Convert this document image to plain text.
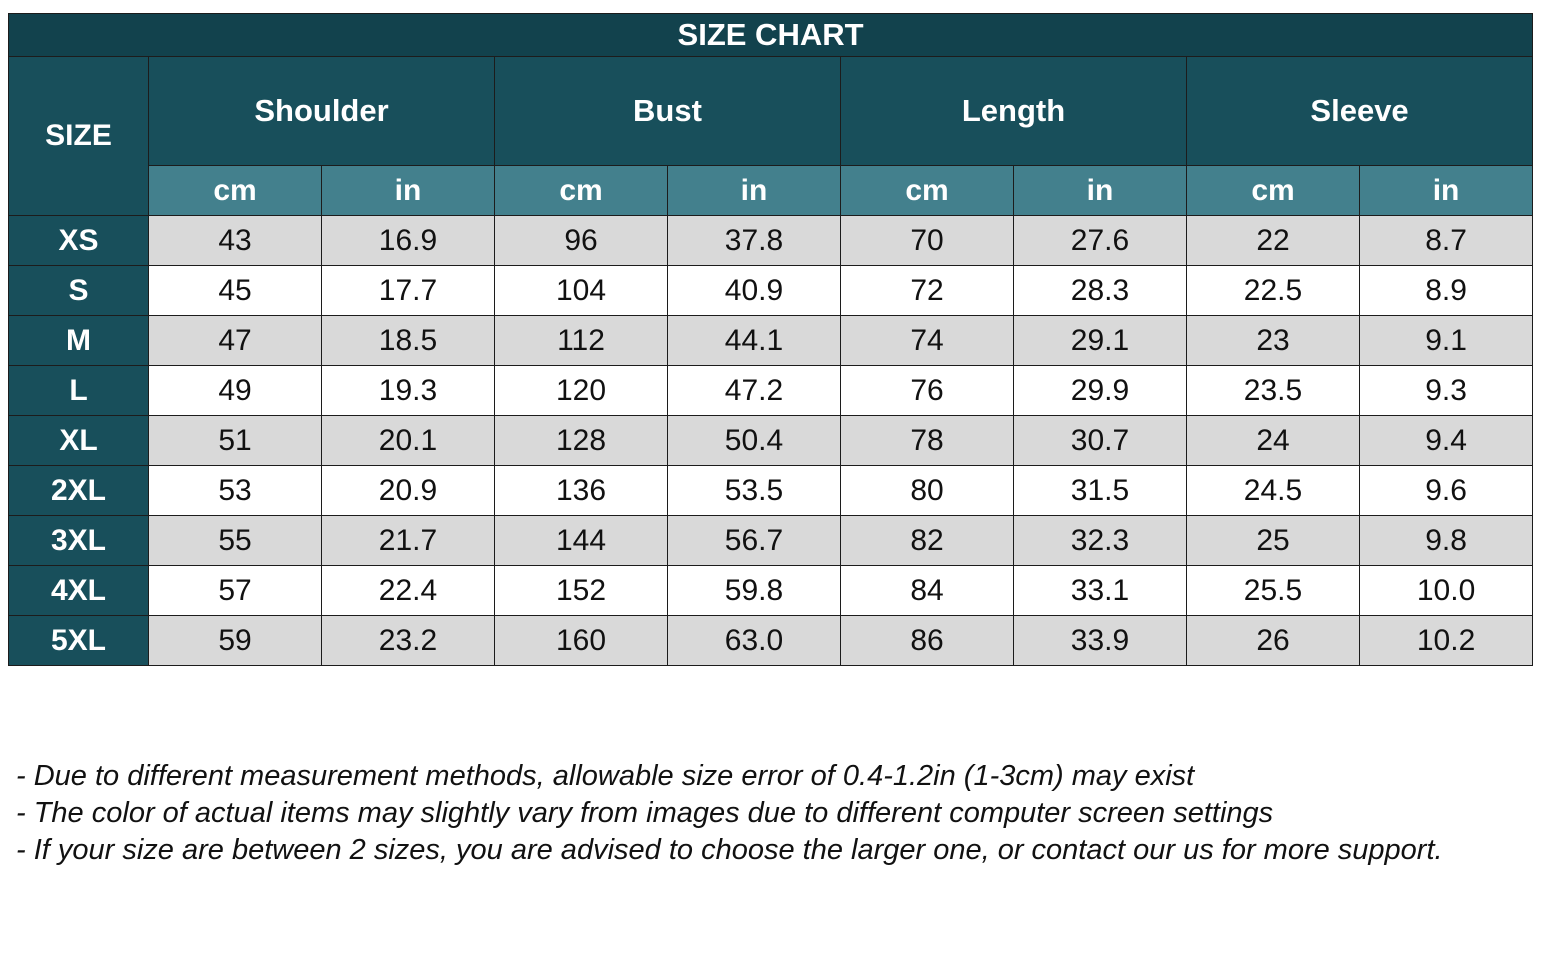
SIZE CHART								
SIZE	Shoulder		Bust		Length		Sleeve	
	cm	in	cm	in	cm	in	cm	in
XS	43	16.9	96	37.8	70	27.6	22	8.7
S	45	17.7	104	40.9	72	28.3	22.5	8.9
M	47	18.5	112	44.1	74	29.1	23	9.1
L	49	19.3	120	47.2	76	29.9	23.5	9.3
XL	51	20.1	128	50.4	78	30.7	24	9.4
2XL	53	20.9	136	53.5	80	31.5	24.5	9.6
3XL	55	21.7	144	56.7	82	32.3	25	9.8
4XL	57	22.4	152	59.8	84	33.1	25.5	10.0
5XL	59	23.2	160	63.0	86	33.9	26	10.2

- Due to different measurement methods, allowable size error of 0.4-1.2in (1-3cm) may exist

- The color of actual items may slightly vary from images due to different computer screen settings

- If your size are between 2 sizes, you are advised to choose the larger one, or contact our us for more support.
